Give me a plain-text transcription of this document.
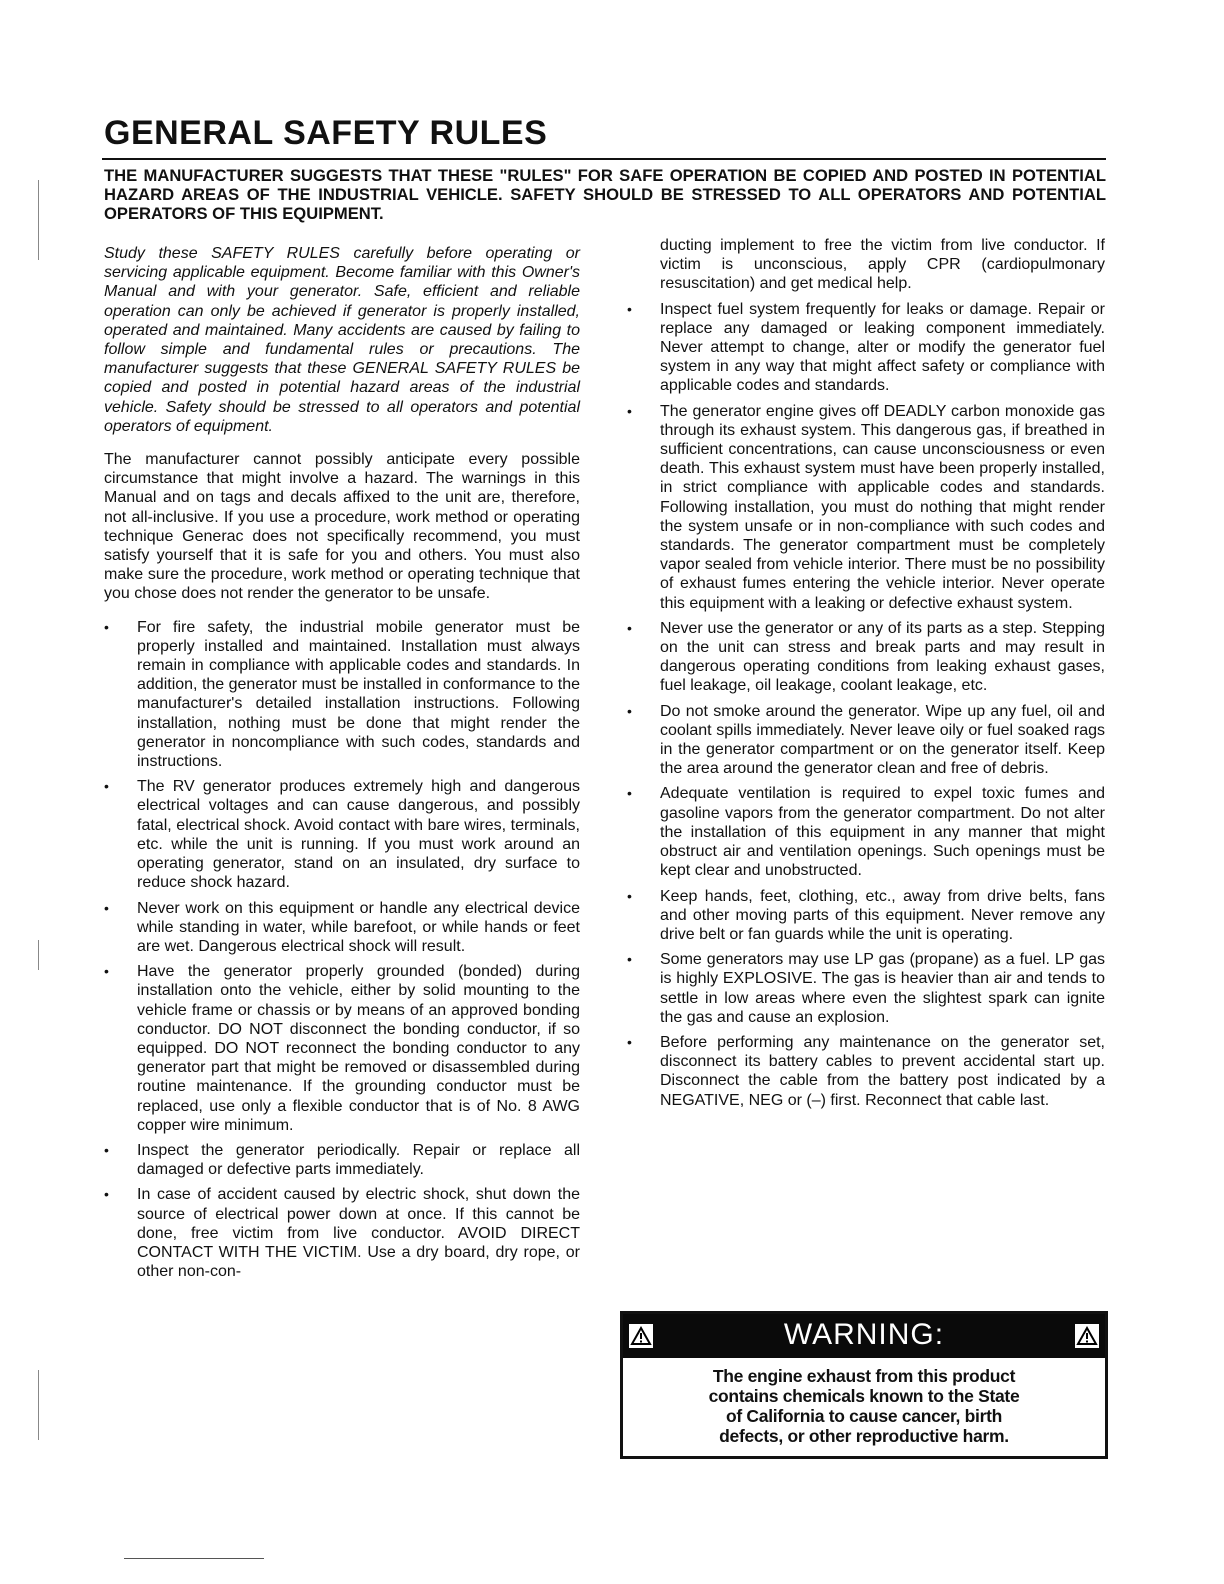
GENERAL SAFETY RULES

THE MANUFACTURER SUGGESTS THAT THESE "RULES" FOR SAFE OPERATION BE COPIED AND POSTED IN POTENTIAL HAZARD AREAS OF THE INDUSTRIAL VEHICLE. SAFETY SHOULD BE STRESSED TO ALL OPERATORS AND POTENTIAL OPERATORS OF THIS EQUIPMENT.

Study these SAFETY RULES carefully before operating or servicing applicable equipment. Become familiar with this Owner's Manual and with your generator. Safe, efficient and reliable operation can only be achieved if generator is properly installed, operated and maintained. Many accidents are caused by failing to follow simple and fundamental rules or precautions. The manufacturer suggests that these GENERAL SAFETY RULES be copied and posted in potential hazard areas of the industrial vehicle. Safety should be stressed to all operators and potential operators of equipment.

The manufacturer cannot possibly anticipate every possible circumstance that might involve a hazard. The warnings in this Manual and on tags and decals affixed to the unit are, therefore, not all-inclusive. If you use a procedure, work method or operating technique Generac does not specifically recommend, you must satisfy yourself that it is safe for you and others. You must also make sure the procedure, work method or operating technique that you chose does not render the generator to be unsafe.

•	For fire safety, the industrial mobile generator must be properly installed and maintained. Installation must always remain in compliance with applicable codes and standards. In addition, the generator must be installed in conformance to the manufacturer's detailed installation instructions. Following installation, nothing must be done that might render the generator in noncompliance with such codes, standards and instructions.
•	The RV generator produces extremely high and dangerous electrical voltages and can cause dangerous, and possibly fatal, electrical shock. Avoid contact with bare wires, terminals, etc. while the unit is running. If you must work around an operating generator, stand on an insulated, dry surface to reduce shock hazard.
•	Never work on this equipment or handle any electrical device while standing in water, while barefoot, or while hands or feet are wet. Dangerous electrical shock will result.
•	Have the generator properly grounded (bonded) during installation onto the vehicle, either by solid mounting to the vehicle frame or chassis or by means of an approved bonding conductor. DO NOT disconnect the bonding conductor, if so equipped. DO NOT reconnect the bonding conductor to any generator part that might be removed or disassembled during routine maintenance. If the grounding conductor must be replaced, use only a flexible conductor that is of No. 8 AWG copper wire minimum.
•	Inspect the generator periodically. Repair or replace all damaged or defective parts immediately.
•	In case of accident caused by electric shock, shut down the source of electrical power down at once. If this cannot be done, free victim from live conductor. AVOID DIRECT CONTACT WITH THE VICTIM. Use a dry board, dry rope, or other non-con-

ducting implement to free the victim from live conductor. If victim is unconscious, apply CPR (cardiopulmonary resuscitation) and get medical help.

•	Inspect fuel system frequently for leaks or damage. Repair or replace any damaged or leaking component immediately. Never attempt to change, alter or modify the generator fuel system in any way that might affect safety or compliance with applicable codes and standards.
•	The generator engine gives off DEADLY carbon monoxide gas through its exhaust system. This dangerous gas, if breathed in sufficient concentrations, can cause unconsciousness or even death. This exhaust system must have been properly installed, in strict compliance with applicable codes and standards. Following installation, you must do nothing that might render the system unsafe or in non-compliance with such codes and standards. The generator compartment must be completely vapor sealed from vehicle interior. There must be no possibility of exhaust fumes entering the vehicle interior. Never operate this equipment with a leaking or defective exhaust system.
•	Never use the generator or any of its parts as a step. Stepping on the unit can stress and break parts and may result in dangerous operating conditions from leaking exhaust gases, fuel leakage, oil leakage, coolant leakage, etc.
•	Do not smoke around the generator. Wipe up any fuel, oil and coolant spills immediately. Never leave oily or fuel soaked rags in the generator compartment or on the generator itself. Keep the area around the generator clean and free of debris.
•	Adequate ventilation is required to expel toxic fumes and gasoline vapors from the generator compartment. Do not alter the installation of this equipment in any manner that might obstruct air and ventilation openings. Such openings must be kept clear and unobstructed.
•	Keep hands, feet, clothing, etc., away from drive belts, fans and other moving parts of this equipment. Never remove any drive belt or fan guards while the unit is operating.
•	Some generators may use LP gas (propane) as a fuel. LP gas is highly EXPLOSIVE. The gas is heavier than air and tends to settle in low areas where even the slightest spark can ignite the gas and cause an explosion.
•	Before performing any maintenance on the generator set, disconnect its battery cables to prevent accidental start up. Disconnect the cable from the battery post indicated by a NEGATIVE, NEG or (–) first. Reconnect that cable last.
WARNING:

The engine exhaust from this product contains chemicals known to the State of California to cause cancer, birth defects, or other reproductive harm.
